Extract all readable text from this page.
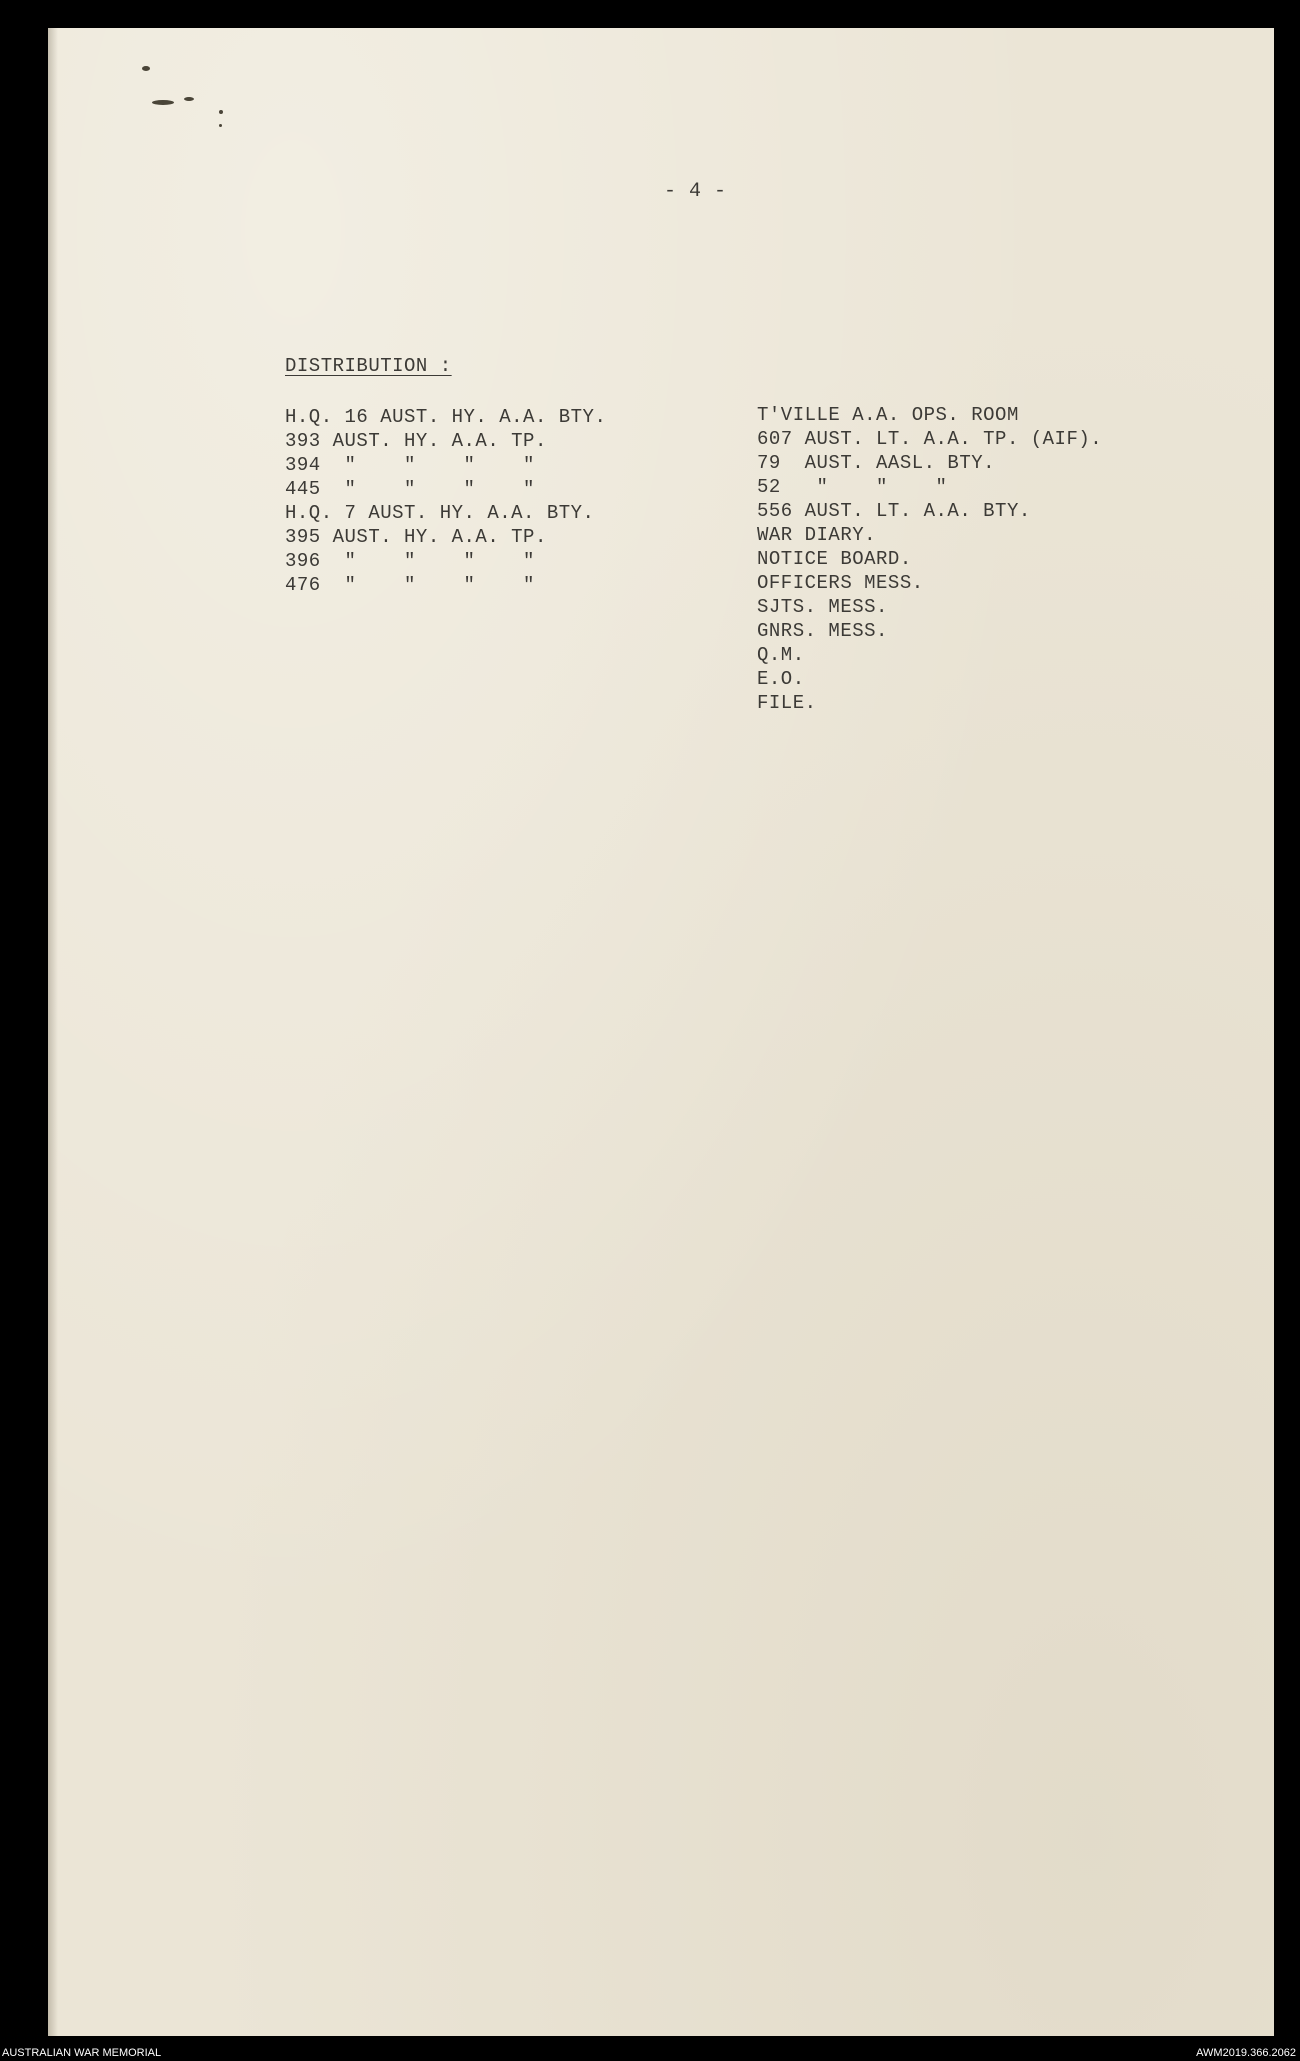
- 4 -
DISTRIBUTION :
H.Q. 16 AUST. HY. A.A. BTY.
393 AUST. HY. A.A. TP.
394  "    "    "    "
445  "    "    "    "
H.Q. 7 AUST. HY. A.A. BTY.
395 AUST. HY. A.A. TP.
396  "    "    "    "
476  "    "    "    "
T'VILLE A.A. OPS. ROOM
607 AUST. LT. A.A. TP. (AIF).
79  AUST. AASL. BTY.
52   "    "    "
556 AUST. LT. A.A. BTY.
WAR DIARY.
NOTICE BOARD.
OFFICERS MESS.
SJTS. MESS.
GNRS. MESS.
Q.M.
E.O.
FILE.
AUSTRALIAN WAR MEMORIAL	AWM2019.366.2062
